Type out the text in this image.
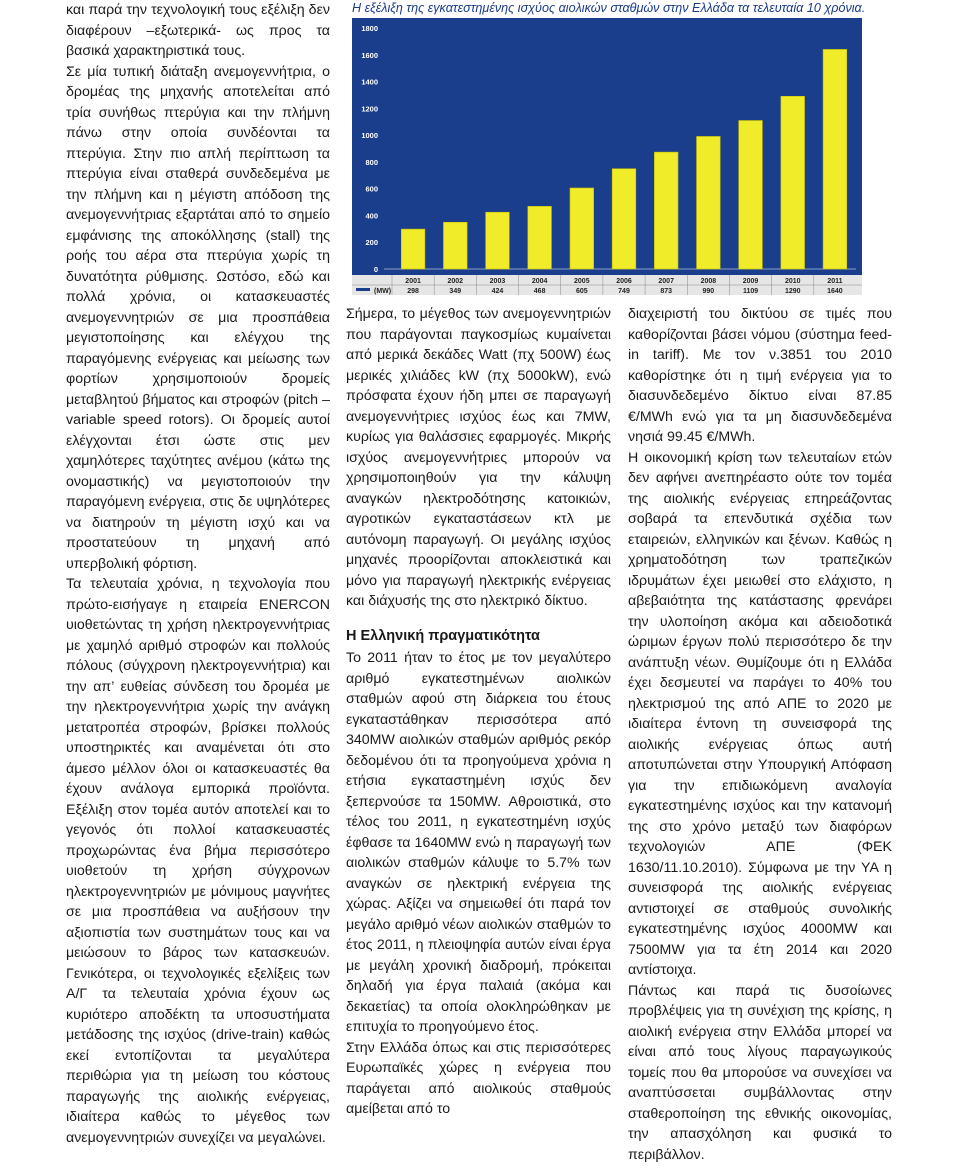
και παρά την τεχνολογική τους εξέλιξη δεν διαφέρουν –εξωτερικά- ως προς τα βασικά χαρακτηριστικά τους.

Σε μία τυπική διάταξη ανεμογεννήτρια, ο δρομέας της μηχανής αποτελείται από τρία συνήθως πτερύγια και την πλήμνη πάνω στην οποία συνδέονται τα πτερύγια. Στην πιο απλή περίπτωση τα πτερύγια είναι σταθερά συνδεδεμένα με την πλήμνη και η μέγιστη απόδοση της ανεμογεννήτριας εξαρτάται από το σημείο εμφάνισης της αποκόλλησης (stall) της ροής του αέρα στα πτερύγια χωρίς τη δυνατότητα ρύθμισης. Ωστόσο, εδώ και πολλά χρόνια, οι κατασκευαστές ανεμογεννητριών σε μια προσπάθεια μεγιστοποίησης και ελέγχου της παραγόμενης ενέργειας και μείωσης των φορτίων χρησιμοποιούν δρομείς μεταβλητού βήματος και στροφών (pitch –variable speed rotors). Οι δρομείς αυτοί ελέγχονται έτσι ώστε στις μεν χαμηλότερες ταχύτητες ανέμου (κάτω της ονομαστικής) να μεγιστοποιούν την παραγόμενη ενέργεια, στις δε υψηλότερες να διατηρούν τη μέγιστη ισχύ και να προστατεύουν τη μηχανή από υπερβολική φόρτιση.

Τα τελευταία χρόνια, η τεχνολογία που πρώτο-εισήγαγε η εταιρεία ENERCON υιοθετώντας τη χρήση ηλεκτρογεννήτριας με χαμηλό αριθμό στροφών και πολλούς πόλους (σύγχρονη ηλεκτρογεννήτρια) και την απ’ ευθείας σύνδεση του δρομέα με την ηλεκτρογεννήτρια χωρίς την ανάγκη μετατροπέα στροφών, βρίσκει πολλούς υποστηρικτές και αναμένεται ότι στο άμεσο μέλλον όλοι οι κατασκευαστές θα έχουν ανάλογα εμπορικά προϊόντα. Εξέλιξη στον τομέα αυτόν αποτελεί και το γεγονός ότι πολλοί κατασκευαστές προχωρώντας ένα βήμα περισσότερο υιοθετούν τη χρήση σύγχρονων ηλεκτρογεννητριών με μόνιμους μαγνήτες σε μια προσπάθεια να αυξήσουν την αξιοπιστία των συστημάτων τους και να μειώσουν το βάρος των κατασκευών. Γενικότερα, οι τεχνολογικές εξελίξεις των Α/Γ τα τελευταία χρόνια έχουν ως κυριότερο αποδέκτη τα υποσυστήματα μετάδοσης της ισχύος (drive-train) καθώς εκεί εντοπίζονται τα μεγαλύτερα περιθώρια για τη μείωση του κόστους παραγωγής της αιολικής ενέργειας, ιδιαίτερα καθώς το μέγεθος των ανεμογεννητριών συνεχίζει να μεγαλώνει.

Η εξέλιξη της εγκατεστημένης ισχύος αιολικών σταθμών στην Ελλάδα τα τελευταία 10 χρόνια.
0
200
400
600
800
1000
1200
1400
1600
1800
2001
298
2002
349
2003
424
2004
468
2005
605
2006
749
2007
873
2008
990
2009
1109
2010
1290
2011
1640
(MW)

Σήμερα, το μέγεθος των ανεμογεννητριών που παράγονται παγκοσμίως κυμαίνεται από μερικά δεκάδες Watt (πχ 500W) έως μερικές χιλιάδες kW (πχ 5000kW), ενώ πρόσφατα έχουν ήδη μπει σε παραγωγή ανεμογεννήτριες ισχύος έως και 7MW, κυρίως για θαλάσσιες εφαρμογές. Μικρής ισχύος ανεμογεννήτριες μπορούν να χρησιμοποιηθούν για την κάλυψη αναγκών ηλεκτροδότησης κατοικιών, αγροτικών εγκαταστάσεων κτλ με αυτόνομη παραγωγή. Οι μεγάλης ισχύος μηχανές προορίζονται αποκλειστικά και μόνο για παραγωγή ηλεκτρικής ενέργειας και διάχυσής της στο ηλεκτρικό δίκτυο.

Η Ελληνική πραγματικότητα

Το 2011 ήταν το έτος με τον μεγαλύτερο αριθμό εγκατεστημένων αιολικών σταθμών αφού στη διάρκεια του έτους εγκαταστάθηκαν περισσότερα από 340MW αιολικών σταθμών αριθμός ρεκόρ δεδομένου ότι τα προηγούμενα χρόνια η ετήσια εγκαταστημένη ισχύς δεν ξεπερνούσε τα 150MW. Αθροιστικά, στο τέλος του 2011, η εγκατεστημένη ισχύς έφθασε τα 1640MW ενώ η παραγωγή των αιολικών σταθμών κάλυψε το 5.7% των αναγκών σε ηλεκτρική ενέργεια της χώρας. Αξίζει να σημειωθεί ότι παρά τον μεγάλο αριθμό νέων αιολικών σταθμών το έτος 2011, η πλειοψηφία αυτών είναι έργα με μεγάλη χρονική διαδρομή, πρόκειται δηλαδή για έργα παλαιά (ακόμα και δεκαετίας) τα οποία ολοκληρώθηκαν με επιτυχία το προηγούμενο έτος.

Στην Ελλάδα όπως και στις περισσότερες Ευρωπαϊκές χώρες η ενέργεια που παράγεται από αιολικούς σταθμούς αμείβεται από το

διαχειριστή του δικτύου σε τιμές που καθορίζονται βάσει νόμου (σύστημα feed-in tariff). Με τον ν.3851 του 2010 καθορίστηκε ότι η τιμή ενέργεια για το διασυνδεδεμένο δίκτυο είναι 87.85 €/MWh ενώ για τα μη διασυνδεδεμένα νησιά 99.45 €/MWh.

Η οικονομική κρίση των τελευταίων ετών δεν αφήνει ανεπηρέαστο ούτε τον τομέα της αιολικής ενέργειας επηρεάζοντας σοβαρά τα επενδυτικά σχέδια των εταιρειών, ελληνικών και ξένων. Καθώς η χρηματοδότηση των τραπεζικών ιδρυμάτων έχει μειωθεί στο ελάχιστο, η αβεβαιότητα της κατάστασης φρενάρει την υλοποίηση ακόμα και αδειοδοτικά ώριμων έργων πολύ περισσότερο δε την ανάπτυξη νέων. Θυμίζουμε ότι η Ελλάδα έχει δεσμευτεί να παράγει το 40% του ηλεκτρισμού της από ΑΠΕ το 2020 με ιδιαίτερα έντονη τη συνεισφορά της αιολικής ενέργειας όπως αυτή αποτυπώνεται στην Υπουργική Απόφαση για την επιδιωκόμενη αναλογία εγκατεστημένης ισχύος και την κατανομή της στο χρόνο μεταξύ των διαφόρων τεχνολογιών ΑΠΕ (ΦΕΚ 1630/11.10.2010). Σύμφωνα με την ΥΑ η συνεισφορά της αιολικής ενέργειας αντιστοιχεί σε σταθμούς συνολικής εγκατεστημένης ισχύος 4000MW και 7500MW για τα έτη 2014 και 2020 αντίστοιχα.

Πάντως και παρά τις δυσοίωνες προβλέψεις για τη συνέχιση της κρίσης, η αιολική ενέργεια στην Ελλάδα μπορεί να είναι από τους λίγους παραγωγικούς τομείς που θα μπορούσε να συνεχίσει να αναπτύσσεται συμβάλλοντας στην σταθεροποίηση της εθνικής οικονομίας, την απασχόληση και φυσικά το περιβάλλον.
